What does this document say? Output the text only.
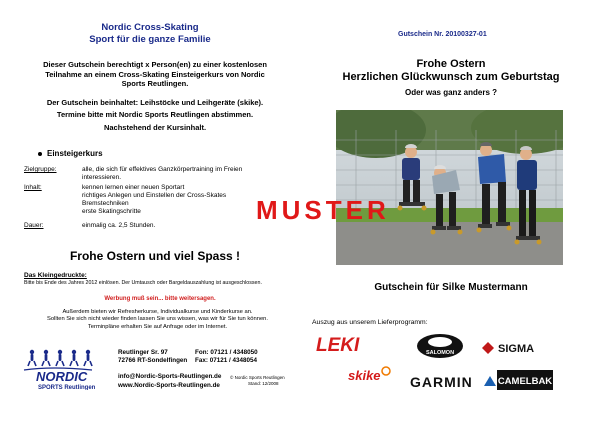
Nordic Cross-Skating
Sport für die ganze Familie
Dieser Gutschein berechtigt x Person(en) zu einer kostenlosen Teilnahme an einem Cross-Skating Einsteigerkurs von Nordic Sports Reutlingen.
Der Gutschein beinhaltet: Leihstöcke und Leihgeräte (skike).
Termine bitte mit Nordic Sports Reutlingen abstimmen.
Nachstehend der Kursinhalt.
Einsteigerkurs
Zielgruppe:	alle, die sich für effektives Ganzkörpertraining im Freien interessieren.
Inhalt:	kennen lernen einer neuen Sportart
richtiges Anlegen und Einstellen der Cross-Skates
Bremstechniken
erste Skatingschritte
Dauer:	einmalig ca. 2,5 Stunden.
Frohe Ostern und viel Spass !
Das Kleingedruckte:
Bitte bis Ende des Jahres 2012 einlösen. Der Umtausch oder Bargeldauszahlung ist ausgeschlossen.
Werbung muß sein... bitte weitersagen.
Außerdem bieten wir Refresherkurse, Individualkurse und Kinderkurse an.
Sollten Sie sich nicht wieder finden lassen Sie uns wissen, was wir für Sie tun können.
Terminpläne erhalten Sie auf Anfrage oder im Internet.
NORDIC
SPORTS Reutlingen
Reutlinger Sr. 97
72766 RT-Sondelfingen
info@Nordic-Sports-Reutlingen.de
www.Nordic-Sports-Reutlingen.de
Fon: 07121 / 4348050
Fax: 07121 / 4348054
© Nordic Sports Reutlingen
Stand: 12/2008
Gutschein Nr. 20100327-01
Frohe Ostern
Herzlichen Glückwunsch zum Geburtstag
Oder was ganz anders ?
Gutschein für Silke Mustermann
Auszug aus unserem Lieferprogramm:
LEKI	SALOMON	SIGMA
skike GARMIN	CAMELBAK
MUSTER
